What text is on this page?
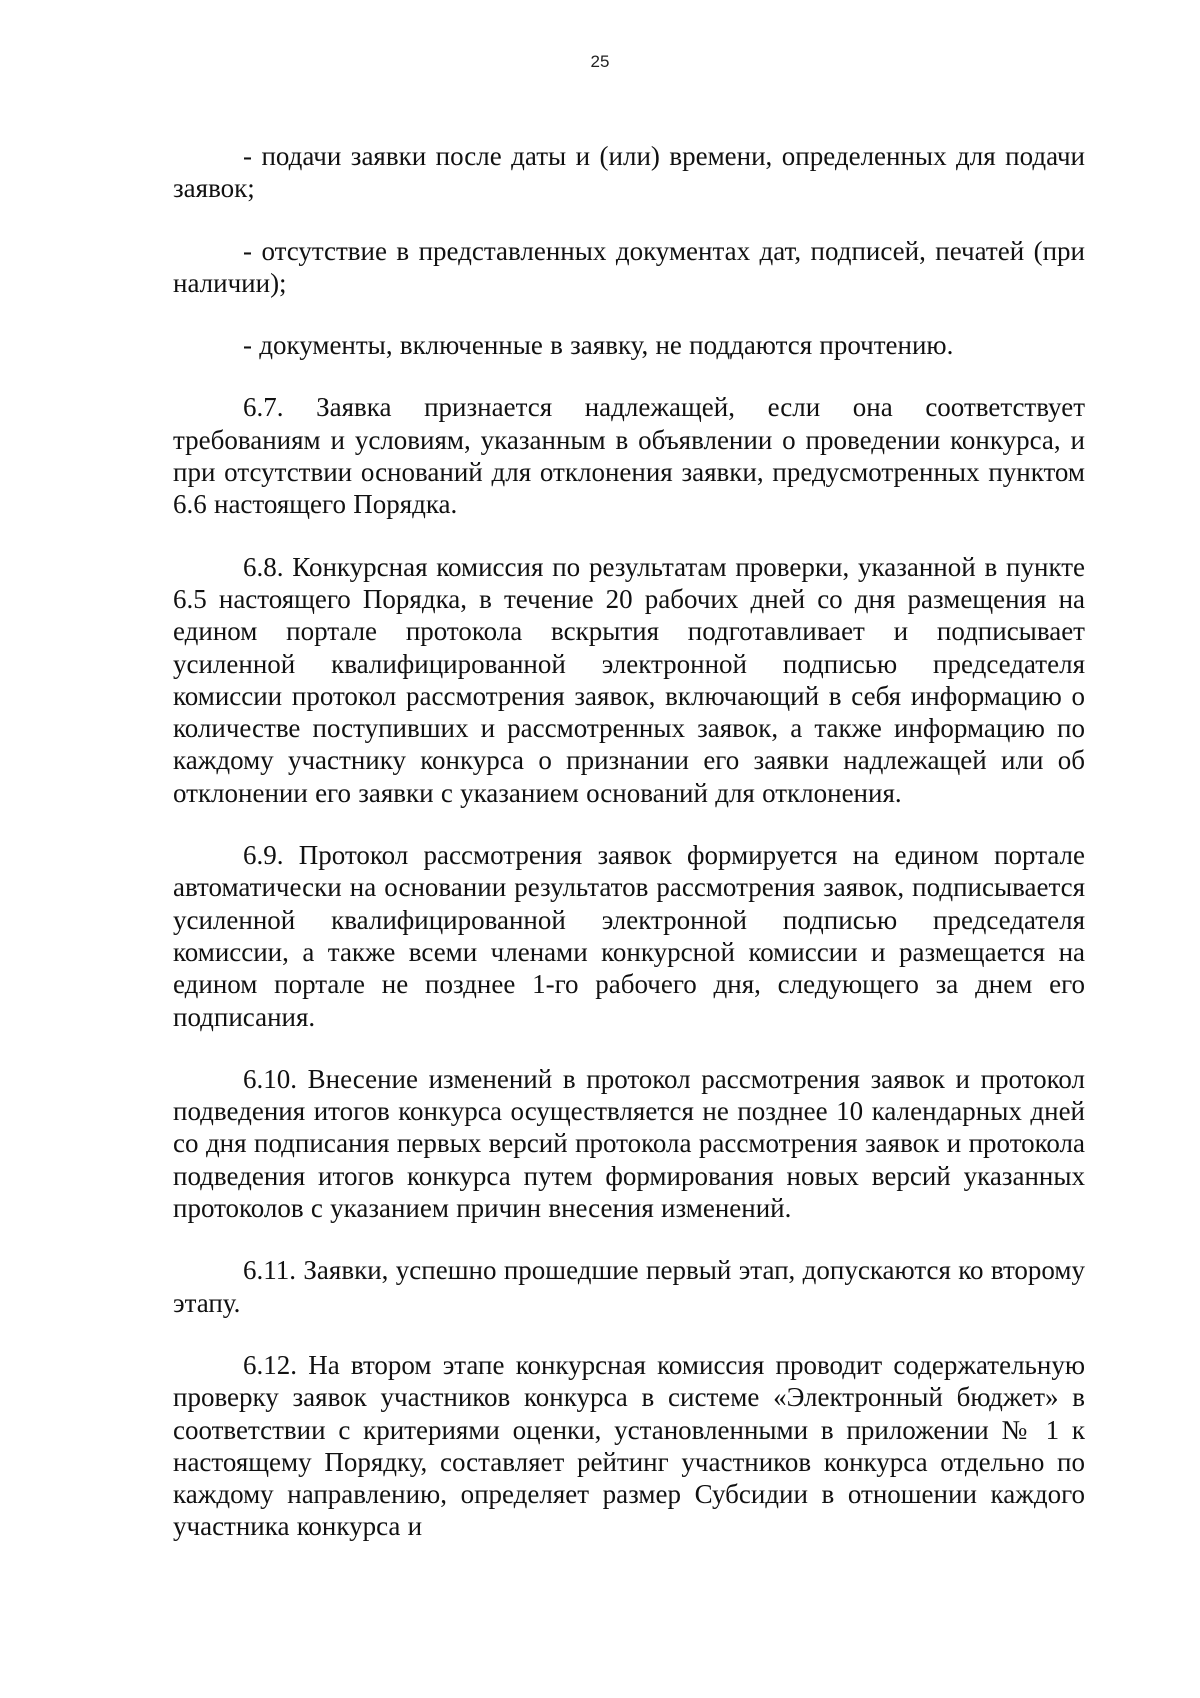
25

- подачи заявки после даты и (или) времени, определенных для подачи заявок;

- отсутствие в представленных документах дат, подписей, печатей (при наличии);

- документы, включенные в заявку, не поддаются прочтению.

6.7. Заявка признается надлежащей, если она соответствует требованиям и условиям, указанным в объявлении о проведении конкурса, и при отсутствии оснований для отклонения заявки, предусмотренных пунктом 6.6 настоящего Порядка.

6.8. Конкурсная комиссия по результатам проверки, указанной в пункте 6.5 настоящего Порядка, в течение 20 рабочих дней со дня размещения на едином портале протокола вскрытия подготавливает и подписывает усиленной квалифицированной электронной подписью председателя комиссии протокол рассмотрения заявок, включающий в себя информацию о количестве поступивших и рассмотренных заявок, а также информацию по каждому участнику конкурса о признании его заявки надлежащей или об отклонении его заявки с указанием оснований для отклонения.

6.9. Протокол рассмотрения заявок формируется на едином портале автоматически на основании результатов рассмотрения заявок, подписывается усиленной квалифицированной электронной подписью председателя комиссии, а также всеми членами конкурсной комиссии и размещается на едином портале не позднее 1-го рабочего дня, следующего за днем его подписания.

6.10. Внесение изменений в протокол рассмотрения заявок и протокол подведения итогов конкурса осуществляется не позднее 10 календарных дней со дня подписания первых версий протокола рассмотрения заявок и протокола подведения итогов конкурса путем формирования новых версий указанных протоколов с указанием причин внесения изменений.

6.11. Заявки, успешно прошедшие первый этап, допускаются ко второму этапу.

6.12. На втором этапе конкурсная комиссия проводит содержательную проверку заявок участников конкурса в системе «Электронный бюджет» в соответствии с критериями оценки, установленными в приложении № 1 к настоящему Порядку, составляет рейтинг участников конкурса отдельно по каждому направлению, определяет размер Субсидии в отношении каждого участника конкурса и
